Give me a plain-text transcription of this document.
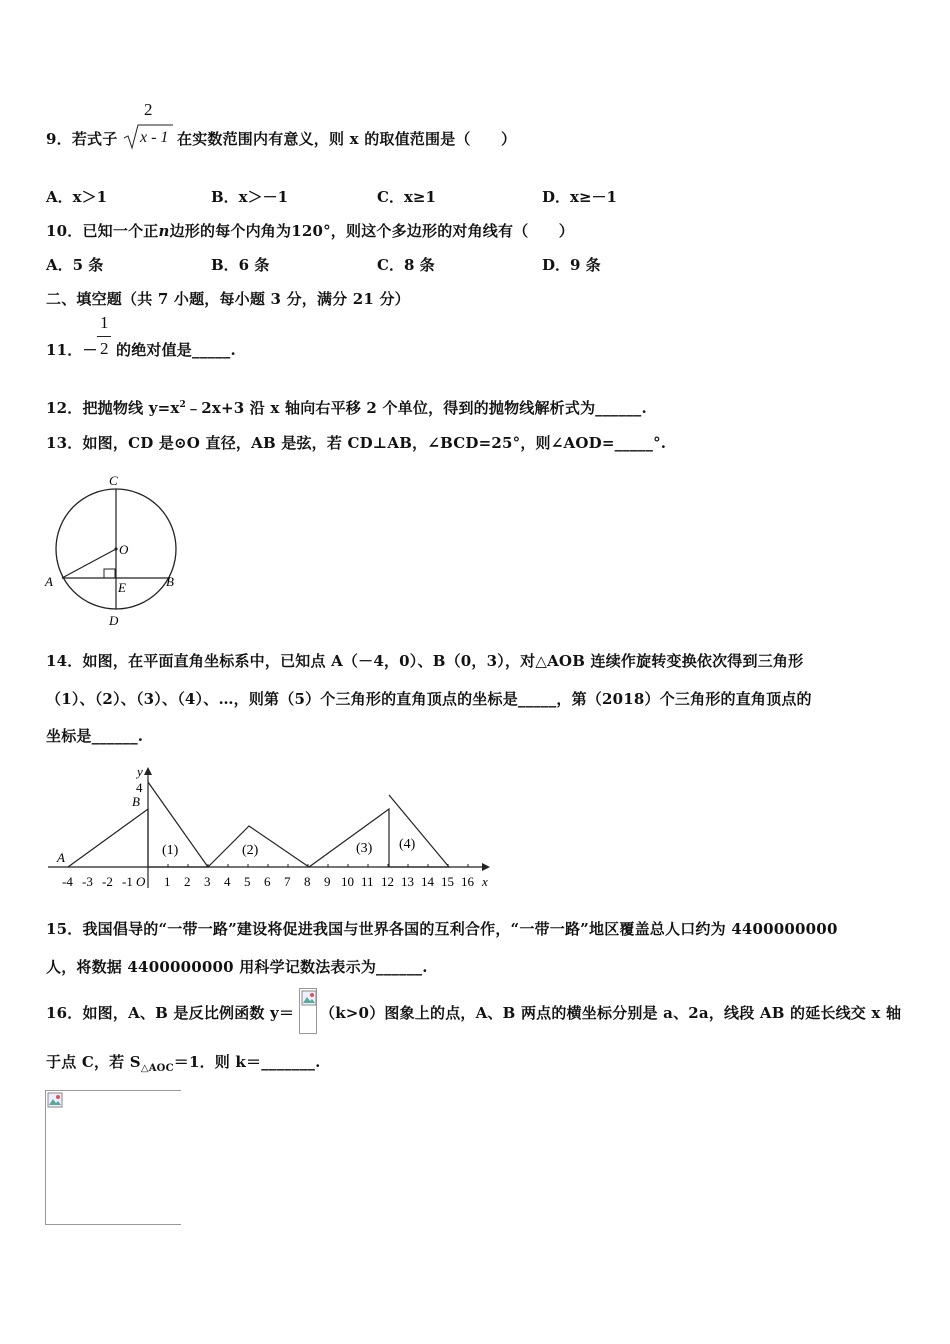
2
x - 1
9．若式子	在实数范围内有意义，则 x 的取值范围是（　　）
A．x＞1	B．x＞－1	C．x≥1	D．x≥－1
10．已知一个正n边形的每个内角为120°，则这个多边形的对角线有（　　）
A．5 条	B．6 条	C．8 条	D．9 条
二、填空题（共 7 小题，每小题 3 分，满分 21 分）
11．－
1
2 的绝对值是_____.
12．把抛物线 $y=x^2﹣2x+3$ 沿 x 轴向右平移 2 个单位，得到的抛物线解析式为______.
13．如图，CD 是⊙O 直径，AB 是弦，若 CD⊥AB，∠BCD=25°，则∠AOD=_____°.
C
O
A	B
E
D
14．如图，在平面直角坐标系中，已知点 A（－4，0）、B（0，3），对△AOB 连续作旋转变换依次得到三角形
（1）、（2）、（3）、（4）、…，则第（5）个三角形的直角顶点的坐标是_____，第（2018）个三角形的直角顶点的
坐标是______.
-4 -3 -2 -1 1 2 3 4 5 6 7 8 9 10 11 12 13 14 15 16
y
4
B
A
O	x
(1)	(2)	(3) (4)
15．我国倡导的“一带一路”建设将促进我国与世界各国的互利合作，“一带一路”地区覆盖总人口约为 4400000000
人，将数据 4400000000 用科学记数法表示为______.
16．如图，A、B 是反比例函数 y＝ （k>0）图象上的点，A、B 两点的横坐标分别是 a、2a，线段 AB 的延长线交 x 轴
于点 C，若 $S_{\triangle AOC}=1$．则 k＝_______.
